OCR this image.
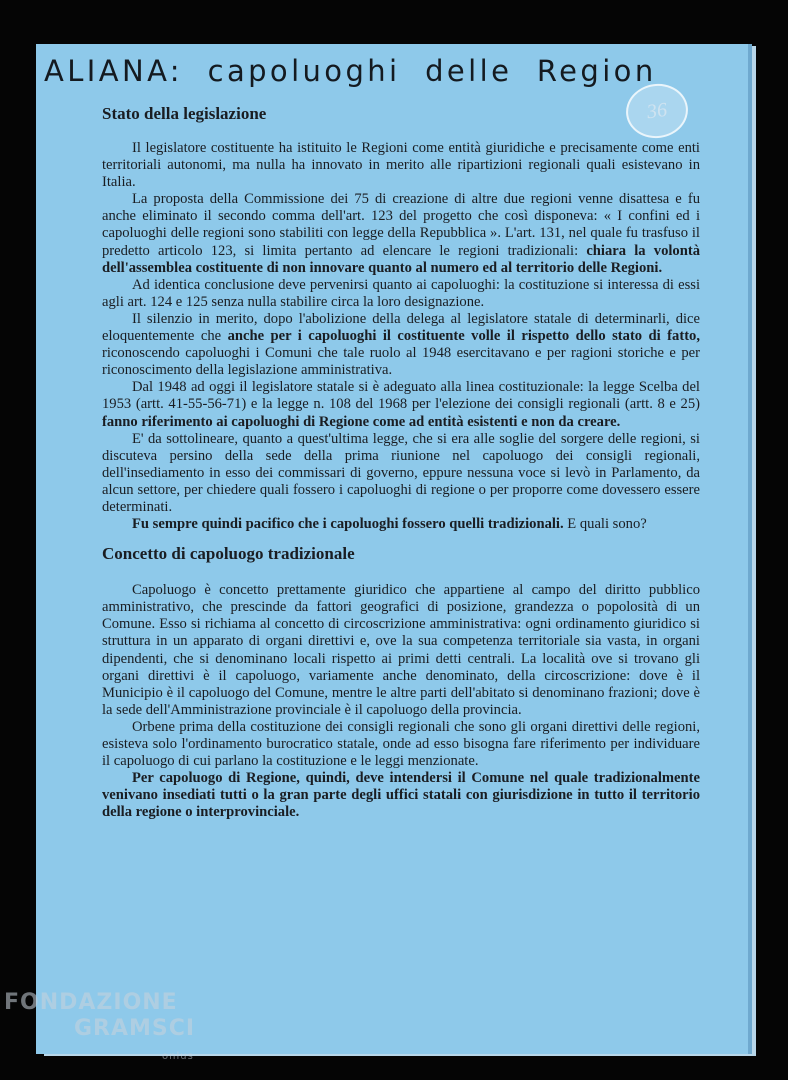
ALIANA: capoluoghi delle Region
36
Stato della legislazione

Il legislatore costituente ha istituito le Regioni come entità giuridiche e precisamente come enti territoriali autonomi, ma nulla ha innovato in merito alle ripartizioni regionali quali esistevano in Italia.

La proposta della Commissione dei 75 di creazione di altre due regioni venne disattesa e fu anche eliminato il secondo comma dell'art. 123 del progetto che così disponeva: « I confini ed i capoluoghi delle regioni sono stabiliti con legge della Repubblica ». L'art. 131, nel quale fu trasfuso il predetto articolo 123, si limita pertanto ad elencare le regioni tradizionali: chiara la volontà dell'assemblea costituente di non innovare quanto al numero ed al territorio delle Regioni.

Ad identica conclusione deve pervenirsi quanto ai capoluoghi: la costituzione si interessa di essi agli art. 124 e 125 senza nulla stabilire circa la loro designazione.

Il silenzio in merito, dopo l'abolizione della delega al legislatore statale di determinarli, dice eloquentemente che anche per i capoluoghi il costituente volle il rispetto dello stato di fatto, riconoscendo capoluoghi i Comuni che tale ruolo al 1948 esercitavano e per ragioni storiche e per riconoscimento della legislazione amministrativa.

Dal 1948 ad oggi il legislatore statale si è adeguato alla linea costituzionale: la legge Scelba del 1953 (artt. 41-55-56-71) e la legge n. 108 del 1968 per l'elezione dei consigli regionali (artt. 8 e 25) fanno riferimento ai capoluoghi di Regione come ad entità esistenti e non da creare.

E' da sottolineare, quanto a quest'ultima legge, che si era alle soglie del sorgere delle regioni, si discuteva persino della sede della prima riunione nel capoluogo dei consigli regionali, dell'insediamento in esso dei commissari di governo, eppure nessuna voce si levò in Parlamento, da alcun settore, per chiedere quali fossero i capoluoghi di regione o per proporre come dovessero essere determinati.

Fu sempre quindi pacifico che i capoluoghi fossero quelli tradizionali. E quali sono?

Concetto di capoluogo tradizionale

Capoluogo è concetto prettamente giuridico che appartiene al campo del diritto pubblico amministrativo, che prescinde da fattori geografici di posizione, grandezza o popolosità di un Comune. Esso si richiama al concetto di circoscrizione amministrativa: ogni ordinamento giuridico si struttura in un apparato di organi direttivi e, ove la sua competenza territoriale sia vasta, in organi dipendenti, che si denominano locali rispetto ai primi detti centrali. La località ove si trovano gli organi direttivi è il capoluogo, variamente anche denominato, della circoscrizione: dove è il Municipio è il capoluogo del Comune, mentre le altre parti dell'abitato si denominano frazioni; dove è la sede dell'Amministrazione provinciale è il capoluogo della provincia.

Orbene prima della costituzione dei consigli regionali che sono gli organi direttivi delle regioni, esisteva solo l'ordinamento burocratico statale, onde ad esso bisogna fare riferimento per individuare il capoluogo di cui parlano la costituzione e le leggi menzionate.

Per capoluogo di Regione, quindi, deve intendersi il Comune nel quale tradizionalmente venivano insediati tutti o la gran parte degli uffici statali con giurisdizione in tutto il territorio della regione o interprovinciale.

FONDAZIONE
GRAMSCI
onlus
